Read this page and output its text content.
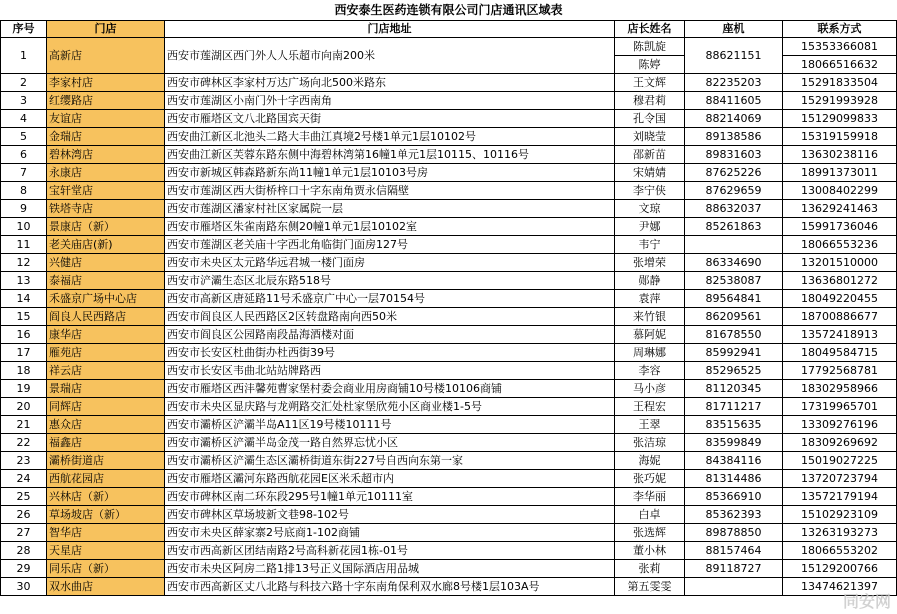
西安泰生医药连锁有限公司门店通讯区域表
序号	门店	门店地址	店长姓名	座机	联系方式
1	高新店	西安市莲湖区西门外人人乐超市向南200米	陈凯旋	88621151	15353366081
			陈婷		18066516632
2	李家村店	西安市碑林区李家村万达广场向北500米路东	王文辉	82235203	15291833504
3	红缨路店	西安市莲湖区小南门外十字西南角	穆君莉	88411605	15291993928
4	友谊店	西安市雁塔区文八北路国宾天街	孔令国	88214069	15129099833
5	金瑞店	西安曲江新区北池头二路大丰曲江真境2号楼1单元1层10102号	刘晓莹	89138586	15319159918
6	碧林湾店	西安曲江新区芙蓉东路东侧中海碧林湾第16幢1单元1层10115、10116号	邵新苗	89831603	13630238116
7	永康店	西安市新城区韩森路新东尚11幢1单元1层10103号房	宋婧婧	87625226	18991373011
8	宝轩堂店	西安市莲湖区西大街桥梓口十字东南角贾永信隔壁	李宁侠	87629659	13008402299
9	铁塔寺店	西安市莲湖区潘家村社区家属院一层	文琼	88632037	13629241463
10	景康店（新）	西安市雁塔区朱雀南路东侧20幢1单元1层10102室	尹娜	85261863	15991736046
11	老关庙店(新)	西安市莲湖区老关庙十字西北角临街门面房127号	韦宁		18066553236
12	兴健店	西安市未央区太元路华远君城一楼门面房	张增荣	86334690	13201510000
13	泰福店	西安市浐灞生态区北辰东路518号	郧静	82538087	13636801272
14	禾盛京广场中心店	西安市高新区唐延路11号禾盛京广中心一层70154号	袁萍	89564841	18049220455
15	阎良人民西路店	西安市阎良区人民西路区2区转盘路南向西50米	来竹银	86209561	18700886677
16	康华店	西安市阎良区公园路南段晶海酒楼对面	慕阿妮	81678550	13572418913
17	雁苑店	西安市长安区杜曲街办杜西街39号	周琳娜	85992941	18049584715
18	祥云店	西安市长安区韦曲北站站牌路西	李容	85296525	17792568781
19	景瑞店	西安市雁塔区西沣馨苑曹家堡村委会商业用房商铺10号楼10106商铺	马小彦	81120345	18302958966
20	同辉店	西安市未央区显庆路与龙朔路交汇处杜家堡欣苑小区商业楼1-5号	王程宏	81711217	17319965701
21	惠众店	西安市灞桥区浐灞半岛A11区19号楼10111号	王翠	83515635	13309276196
22	福鑫店	西安市灞桥区浐灞半岛金茂一路自然界忘忧小区	张洁琼	83599849	18309269692
23	灞桥街道店	西安市灞桥区浐灞生态区灞桥街道东街227号自西向东第一家	海妮	84384116	15019027225
24	西航花园店	西安市雁塔区灞河东路西航花园E区米禾超市内	张巧妮	81314486	13720723794
25	兴林店（新）	西安市碑林区南二环东段295号1幢1单元10111室	李华丽	85366910	13572179194
26	草场坡店（新）	西安市碑林区草场坡新文巷98-102号	白卓	85362393	15102923109
27	智华店	西安市未央区薛家寨2号底商1-102商铺	张选辉	89878850	13263193273
28	天星店	西安市西高新区团结南路2号高科新花园1栋-01号	董小林	88157464	18066553202
29	同乐店（新）	西安市未央区阿房二路1排13号正义国际酒店用品城	张莉	89118727	15129200766
30	双水曲店	西安市西高新区丈八北路与科技六路十字东南角保利双水廊8号楼1层103A号	第五雯雯		13474621397
同安网
